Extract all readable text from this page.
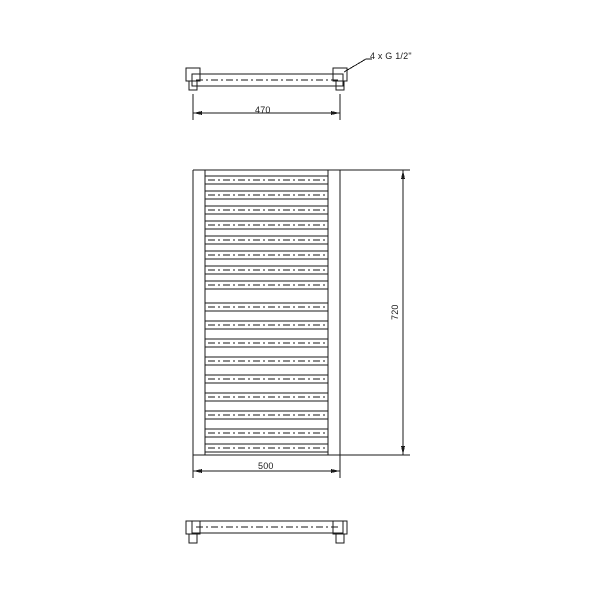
4 x G 1/2"
470
720
500
